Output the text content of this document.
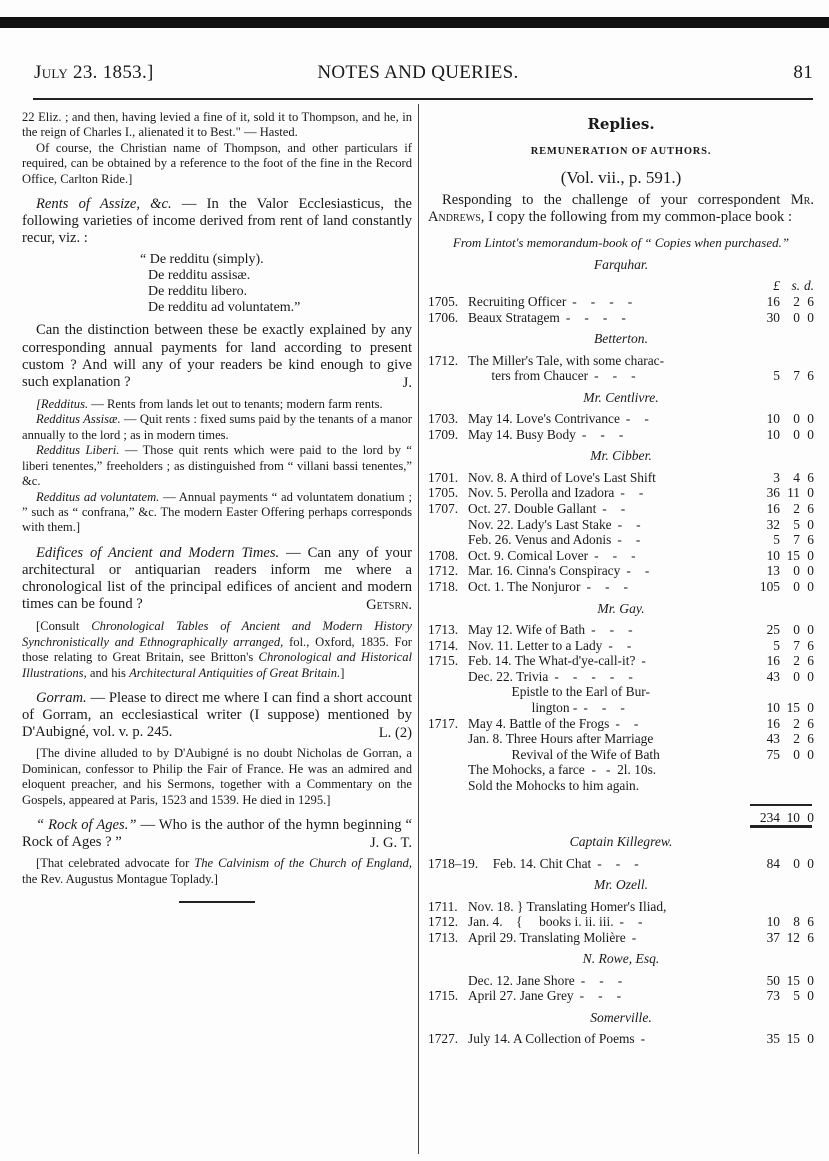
July 23. 1853.]	NOTES AND QUERIES.	81

22 Eliz. ; and then, having levied a fine of it, sold it to Thompson, and he, in the reign of Charles I., alienated it to Best." — Hasted.

Of course, the Christian name of Thompson, and other particulars if required, can be obtained by a reference to the foot of the fine in the Record Office, Carlton Ride.]

Rents of Assize, &c. — In the Valor Ecclesiasticus, the following varieties of income derived from rent of land constantly recur, viz. :

“ De redditu (simply).
De redditu assisæ.
De redditu libero.
De redditu ad voluntatem.”

Can the distinction between these be exactly explained by any corresponding annual payments for land according to present custom ? And will any of your readers be kind enough to give such explanation ?	J.

[Redditus. — Rents from lands let out to tenants; modern farm rents.

Redditus Assisæ. — Quit rents : fixed sums paid by the tenants of a manor annually to the lord ; as in modern times.

Redditus Liberi. — Those quit rents which were paid to the lord by “ liberi tenentes,” freeholders ; as distinguished from “ villani bassi tenentes,” &c.

Redditus ad voluntatem. — Annual payments “ ad voluntatem donatium ; ” such as “ confrana,” &c. The modern Easter Offering perhaps corresponds with them.]

Edifices of Ancient and Modern Times. — Can any of your architectural or antiquarian readers inform me where a chronological list of the principal edifices of ancient and modern times can be found ?	Getsrn.

[Consult Chronological Tables of Ancient and Modern History Synchronistically and Ethnographically arranged, fol., Oxford, 1835. For those relating to Great Britain, see Britton's Chronological and Historical Illustrations, and his Architectural Antiquities of Great Britain.]

Gorram. — Please to direct me where I can find a short account of Gorram, an ecclesiastical writer (I suppose) mentioned by D'Aubigné, vol. v. p. 245.	L. (2)

[The divine alluded to by D'Aubigné is no doubt Nicholas de Gorran, a Dominican, confessor to Philip the Fair of France. He was an admired and eloquent preacher, and his Sermons, together with a Commentary on the Gospels, appeared at Paris, 1523 and 1539. He died in 1295.]

“ Rock of Ages.” — Who is the author of the hymn beginning “ Rock of Ages ? ”	J. G. T.

[That celebrated advocate for The Calvinism of the Church of England, the Rev. Augustus Montague Toplady.]

Replies.
REMUNERATION OF AUTHORS.
(Vol. vii., p. 591.)

Responding to the challenge of your correspondent Mr. Andrews, I copy the following from my common-place book :

From Lintot's memorandum-book of “ Copies when purchased.”

Farquhar.
£ s. d.
1705. Recruiting Officer -   -   -   -	16 2 6
1706. Beaux Stratagem -   -   -   -	30 0 0
Betterton.
1712. The Miller's Tale, with some charac-
ters from Chaucer -   -   -	5 7 6
Mr. Centlivre.
1703. May 14. Love's Contrivance -   -	10 0 0
1709. May 14. Busy Body -   -   -	10 0 0
Mr. Cibber.
1701. Nov. 8. A third of Love's Last Shift	3 4 6
1705. Nov. 5. Perolla and Izadora -   -	36 11 0
1707. Oct. 27. Double Gallant -   -	16 2 6
Nov. 22. Lady's Last Stake -   -	32 5 0
Feb. 26. Venus and Adonis -   -	5 7 6
1708. Oct. 9. Comical Lover -   -   -	10 15 0
1712. Mar. 16. Cinna's Conspiracy -   -	13 0 0
1718. Oct. 1. The Nonjuror -   -   -	105 0 0
Mr. Gay.
1713. May 12. Wife of Bath -   -   -	25 0 0
1714. Nov. 11. Letter to a Lady -   -	5 7 6
1715. Feb. 14. The What-d'ye-call-it? -	16 2 6
Dec. 22. Trivia -   -   -   -   -	43 0 0
Epistle to the Earl of Bur-
lington - -   -   -	10 15 0
1717. May 4. Battle of the Frogs -   -	16 2 6
Jan. 8. Three Hours after Marriage	43 2 6
Revival of the Wife of Bath	75 0 0
The Mohocks, a farce  -   -  2l. 10s.
Sold the Mohocks to him again.
234 10 0
Captain Killegrew.
1718–19. Feb. 14. Chit Chat -   -   -	84 0 0
Mr. Ozell.
1711. Nov. 18. } Translating Homer's Iliad,
1712. Jan. 4.    {     books i. ii. iii. -   -	10 8 6
1713. April 29. Translating Molière -	37 12 6
N. Rowe, Esq.
Dec. 12. Jane Shore -   -   -	50 15 0
1715. April 27. Jane Grey -   -   -	73 5 0
Somerville.
1727. July 14. A Collection of Poems -	35 15 0
